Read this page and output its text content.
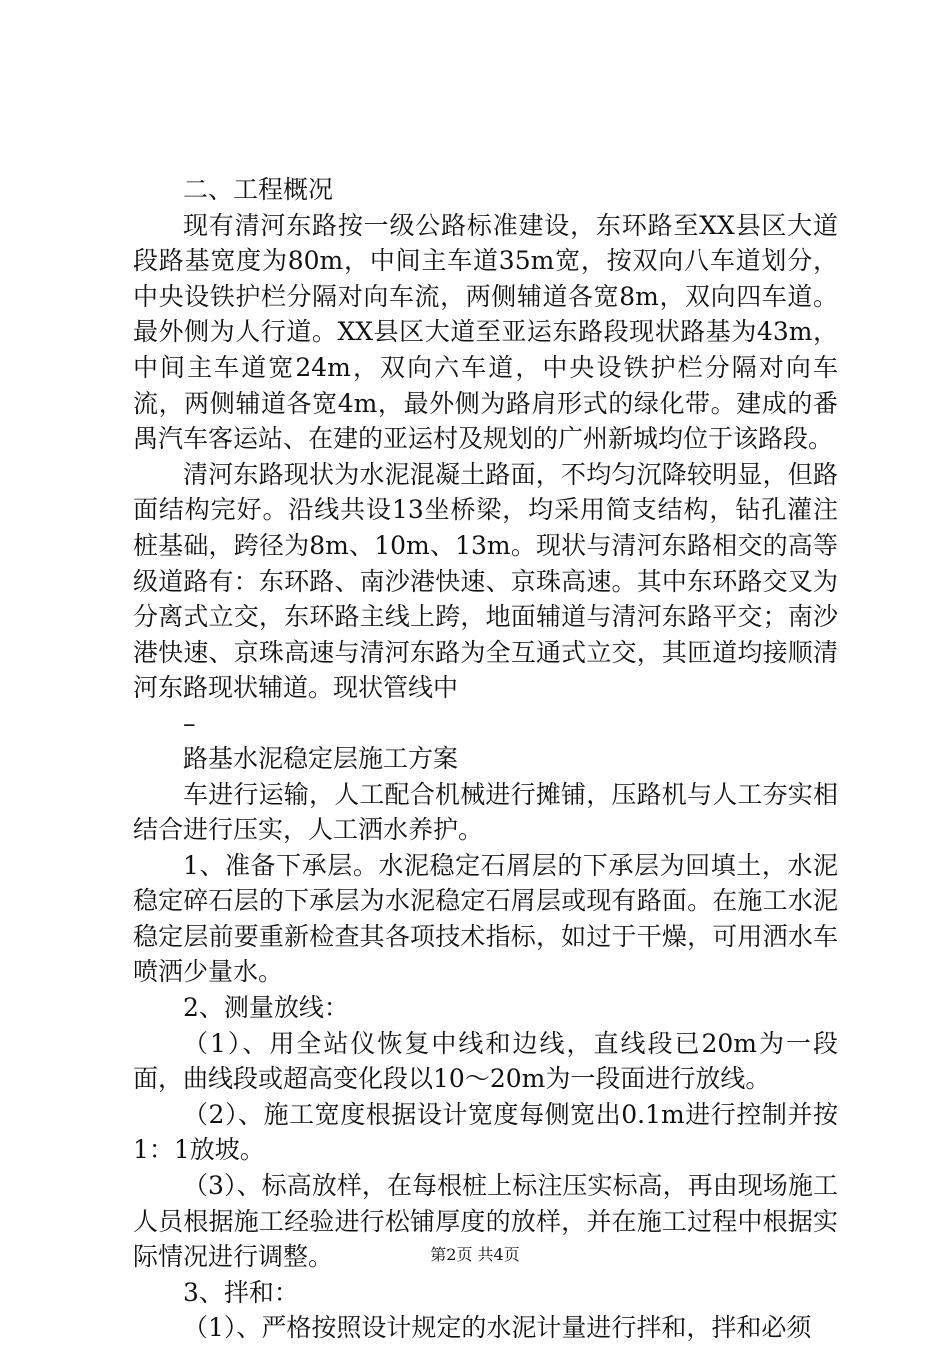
二、工程概况

现有清河东路按一级公路标准建设，东环路至XX县区大道段路基宽度为80m，中间主车道35m宽，按双向八车道划分，中央设铁护栏分隔对向车流，两侧辅道各宽8m，双向四车道。最外侧为人行道。XX县区大道至亚运东路段现状路基为43m，中间主车道宽24m，双向六车道，中央设铁护栏分隔对向车流，两侧辅道各宽4m，最外侧为路肩形式的绿化带。建成的番禺汽车客运站、在建的亚运村及规划的广州新城均位于该路段。

清河东路现状为水泥混凝土路面，不均匀沉降较明显，但路面结构完好。沿线共设13坐桥梁，均采用简支结构，钻孔灌注桩基础，跨径为8m、10m、13m。现状与清河东路相交的高等级道路有：东环路、南沙港快速、京珠高速。其中东环路交叉为分离式立交，东环路主线上跨，地面辅道与清河东路平交；南沙港快速、京珠高速与清河东路为全互通式立交，其匝道均接顺清河东路现状辅道。现状管线中

–

路基水泥稳定层施工方案

车进行运输，人工配合机械进行摊铺，压路机与人工夯实相结合进行压实，人工洒水养护。

1、准备下承层。水泥稳定石屑层的下承层为回填土，水泥稳定碎石层的下承层为水泥稳定石屑层或现有路面。在施工水泥稳定层前要重新检查其各项技术指标，如过于干燥，可用洒水车喷洒少量水。

2、测量放线：

（1）、用全站仪恢复中线和边线，直线段已20m为一段面，曲线段或超高变化段以10～20m为一段面进行放线。

（2）、施工宽度根据设计宽度每侧宽出0.1m进行控制并按1：1放坡。

（3）、标高放样，在每根桩上标注压实标高，再由现场施工人员根据施工经验进行松铺厚度的放样，并在施工过程中根据实际情况进行调整。

3、拌和：

（1）、严格按照设计规定的水泥计量进行拌和，拌和必须

第2页 共4页
